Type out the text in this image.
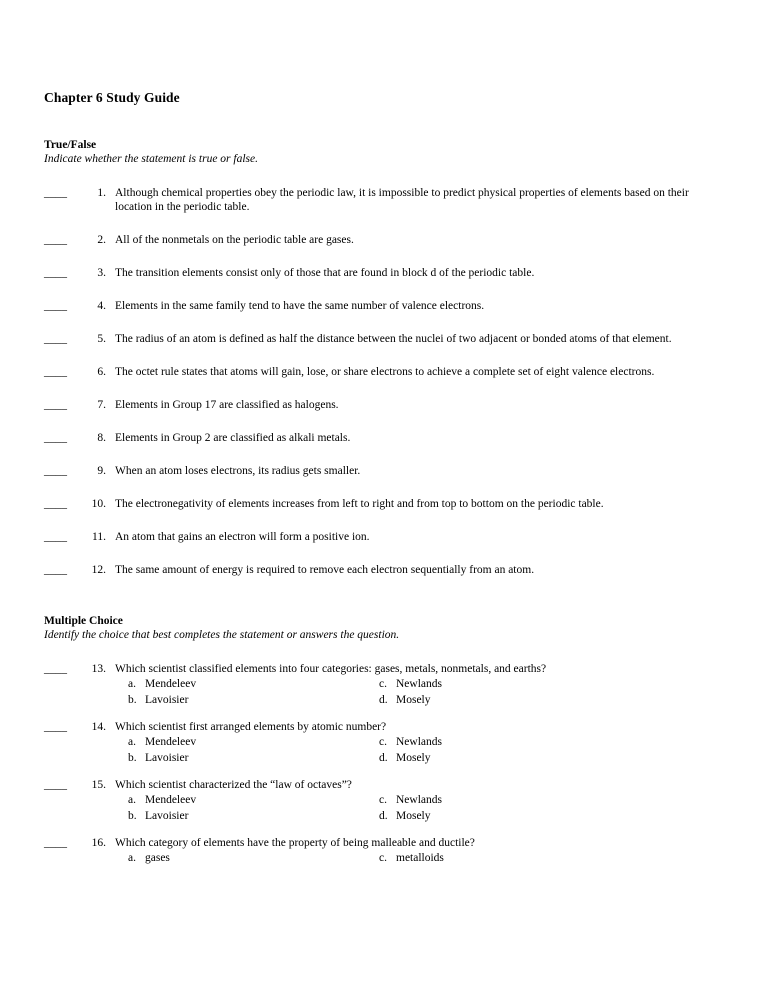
Chapter 6 Study Guide
True/False
Indicate whether the statement is true or false.
____	1. Although chemical properties obey the periodic law, it is impossible to predict physical properties of elements based on their location in the periodic table.
____	2. All of the nonmetals on the periodic table are gases.
____	3. The transition elements consist only of those that are found in block d of the periodic table.
____	4. Elements in the same family tend to have the same number of valence electrons.
____	5. The radius of an atom is defined as half the distance between the nuclei of two adjacent or bonded atoms of that element.
____	6. The octet rule states that atoms will gain, lose, or share electrons to achieve a complete set of eight valence electrons.
____	7. Elements in Group 17 are classified as halogens.
____	8. Elements in Group 2 are classified as alkali metals.
____	9. When an atom loses electrons, its radius gets smaller.
____	10. The electronegativity of elements increases from left to right and from top to bottom on the periodic table.
____	11. An atom that gains an electron will form a positive ion.
____	12. The same amount of energy is required to remove each electron sequentially from an atom.
Multiple Choice
Identify the choice that best completes the statement or answers the question.
____	13. Which scientist classified elements into four categories: gases, metals, nonmetals, and earths?
a. Mendeleev	c. Newlands
b. Lavoisier	d. Mosely
____	14. Which scientist first arranged elements by atomic number?
a. Mendeleev	c. Newlands
b. Lavoisier	d. Mosely
____	15. Which scientist characterized the “law of octaves”?
a. Mendeleev	c. Newlands
b. Lavoisier	d. Mosely
____	16. Which category of elements have the property of being malleable and ductile?
a. gases	c. metalloids
